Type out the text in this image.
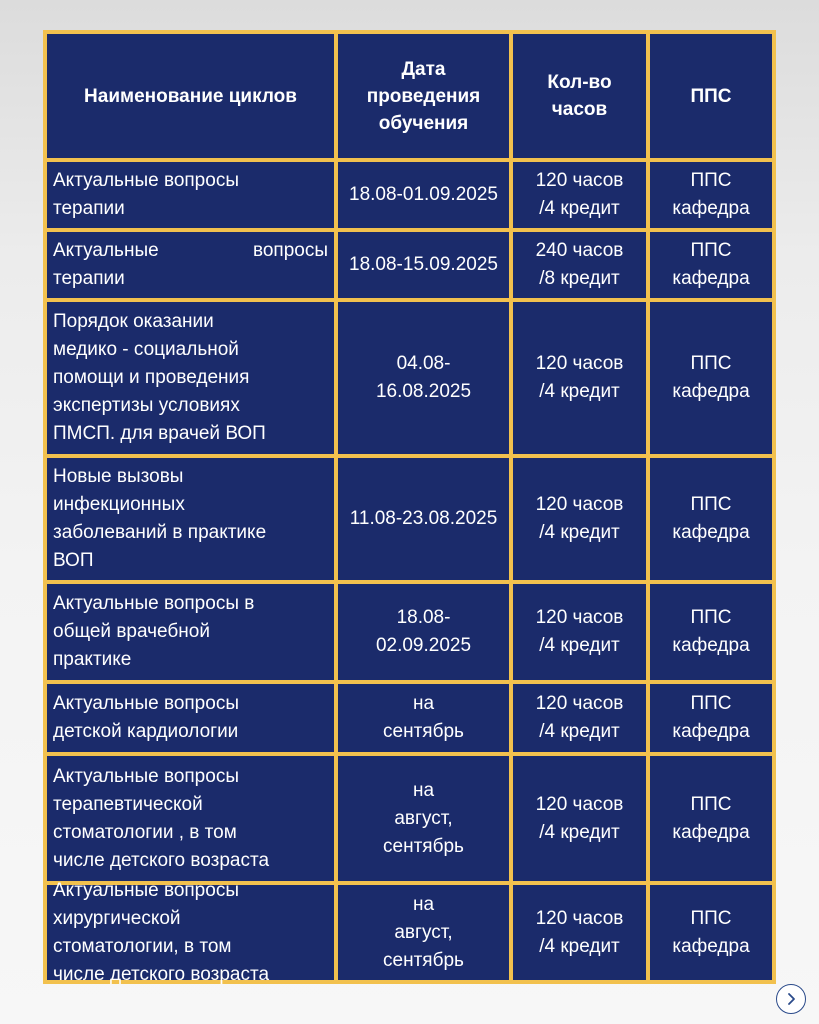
Наименование циклов
Дата
проведения
обучения
Кол-во
часов
ППС
Актуальные вопросы
терапии
18.08-01.09.2025
120 часов
/4 кредит
ППС
кафедра
Актуальные вопросы
терапии
18.08-15.09.2025
240 часов
/8 кредит
ППС
кафедра
Порядок оказании
медико - социальной
помощи и проведения
экспертизы условиях
ПМСП. для врачей ВОП
04.08-
16.08.2025
120 часов
/4 кредит
ППС
кафедра
Новые вызовы
инфекционных
заболеваний в практике
ВОП
11.08-23.08.2025
120 часов
/4 кредит
ППС
кафедра
Актуальные вопросы в
общей врачебной
практике
18.08-
02.09.2025
120 часов
/4 кредит
ППС
кафедра
Актуальные вопросы
детской кардиологии
на
сентябрь
120 часов
/4 кредит
ППС
кафедра
Актуальные вопросы
терапевтической
стоматологии , в том
числе детского возраста
на
август,
сентябрь
120 часов
/4 кредит
ППС
кафедра
Актуальные вопросы
хирургической
стоматологии, в том
числе детского возраста
на
август,
сентябрь
120 часов
/4 кредит
ППС
кафедра
